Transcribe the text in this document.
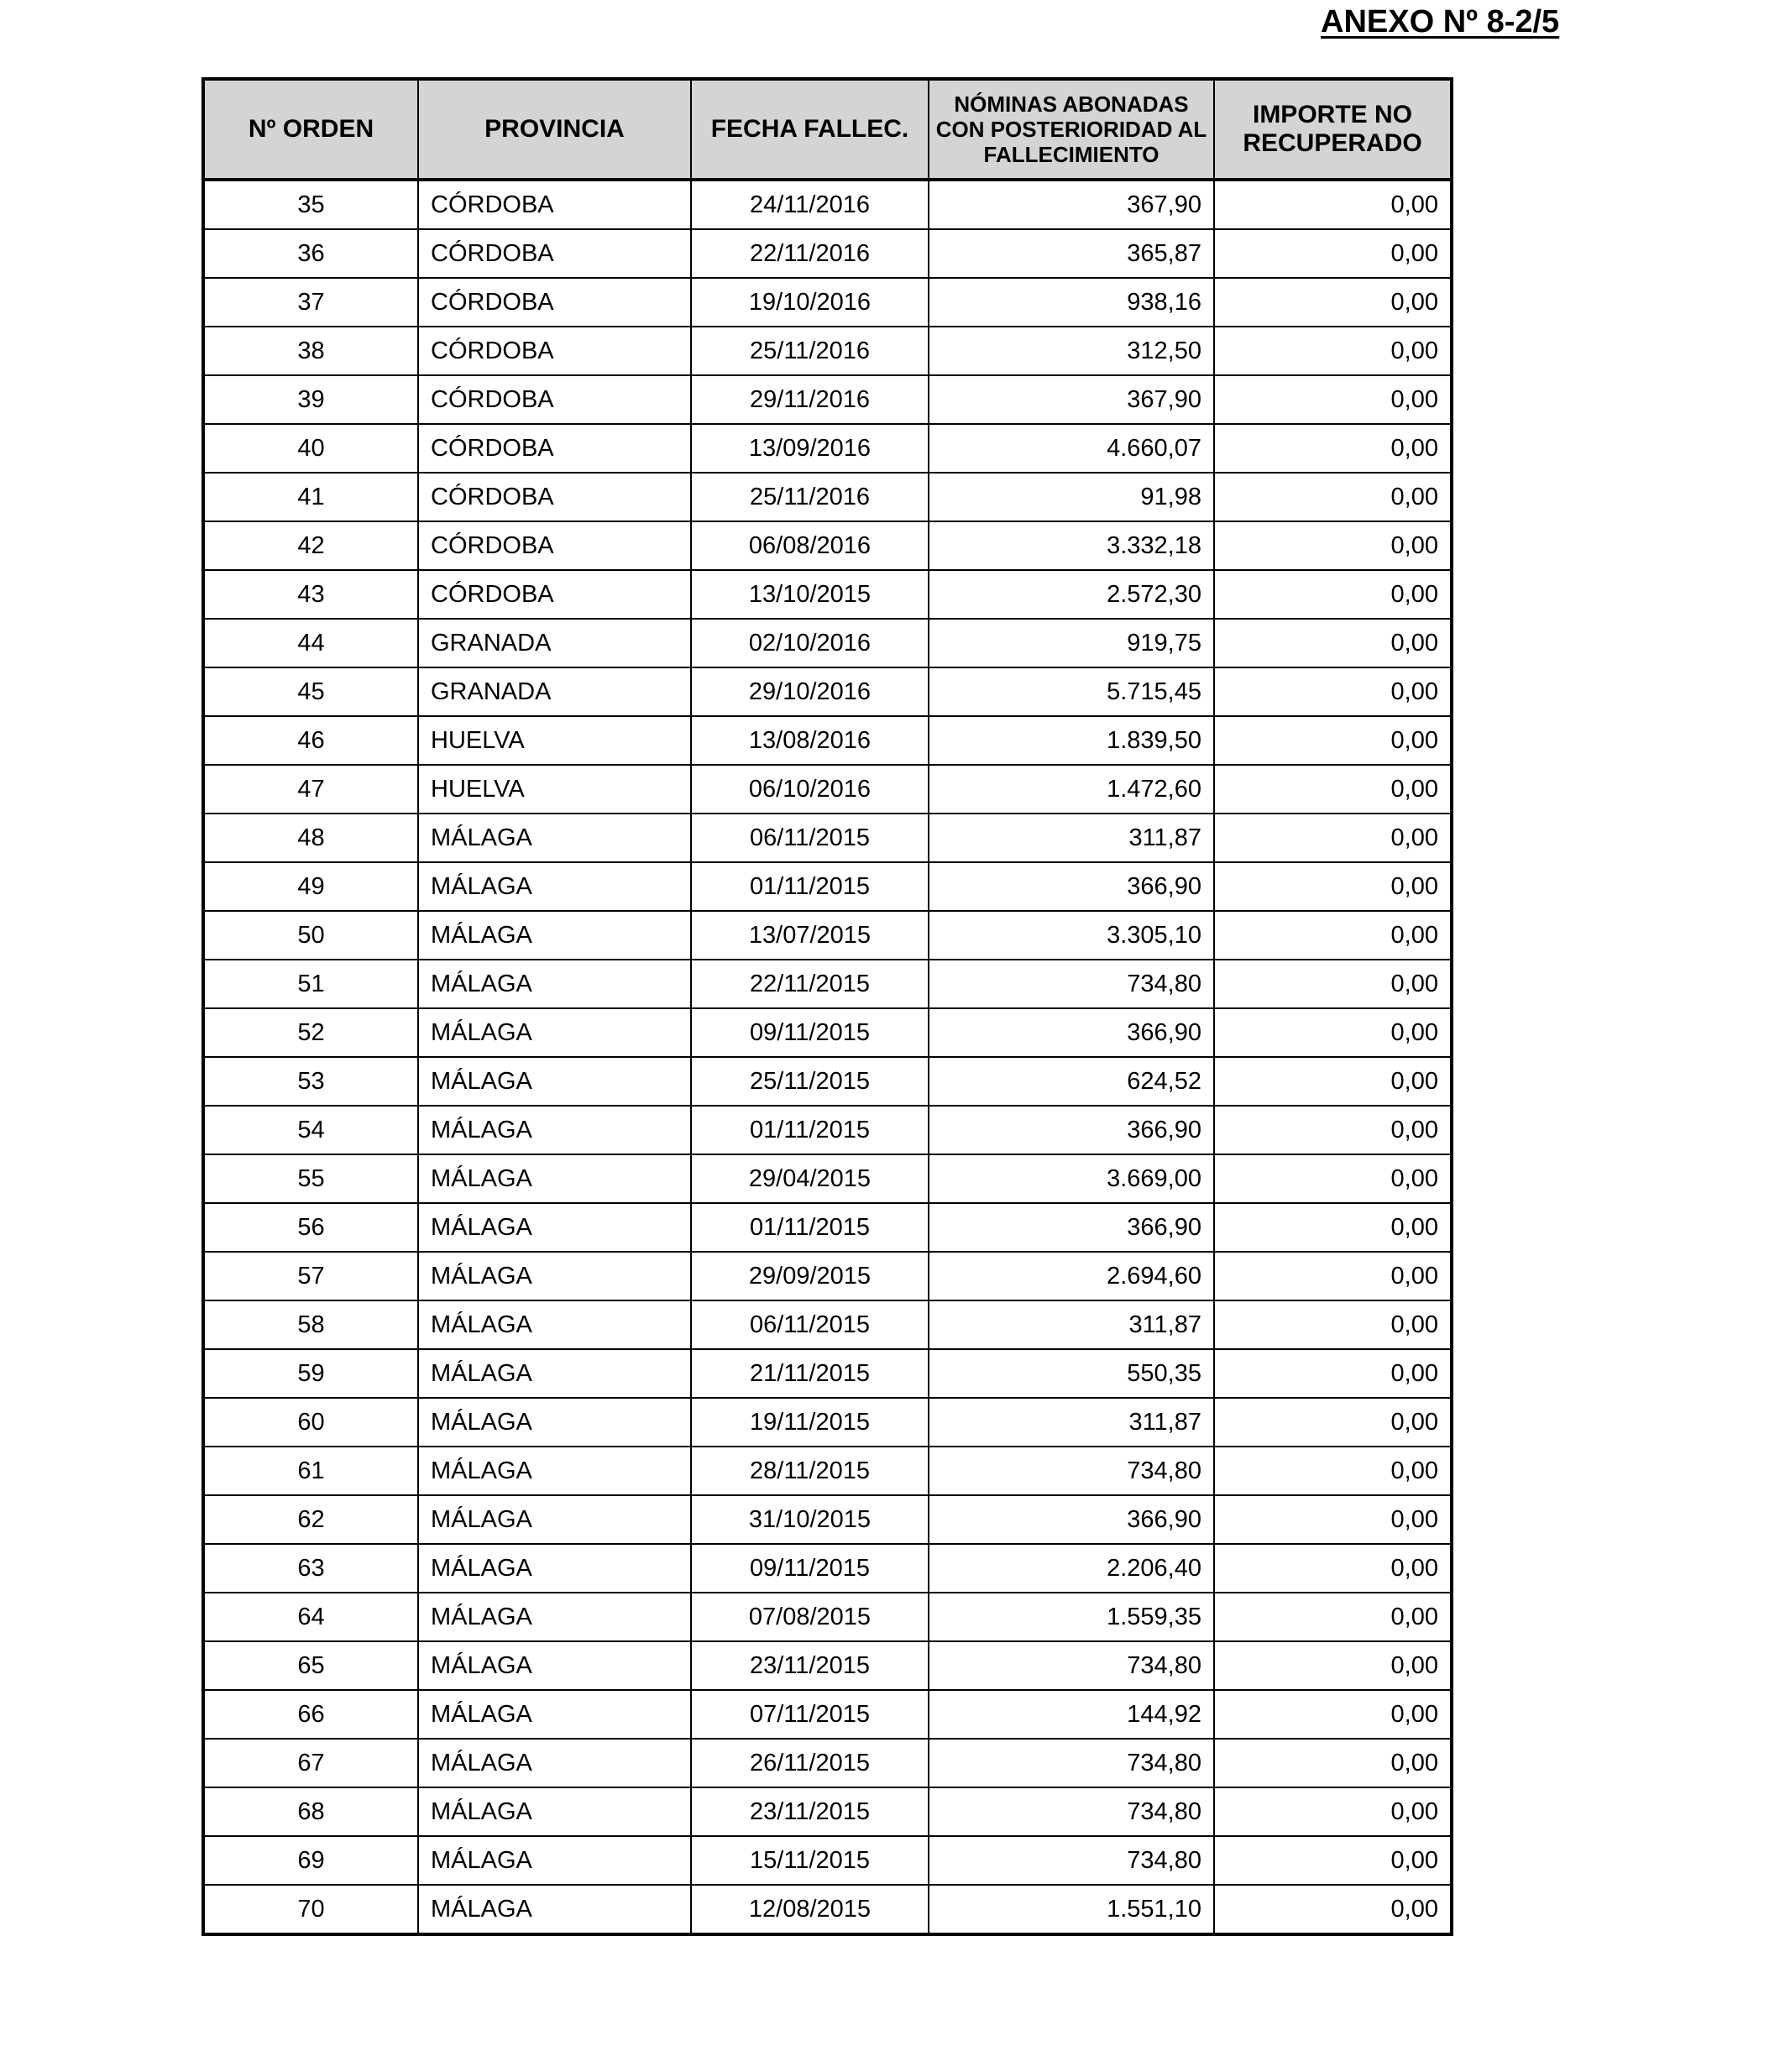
ANEXO Nº 8-2/5
Nº ORDEN	PROVINCIA	FECHA FALLEC.	NÓMINAS ABONADAS CON POSTERIORIDAD AL FALLECIMIENTO	IMPORTE NO RECUPERADO
35	CÓRDOBA	24/11/2016	367,90	0,00
36	CÓRDOBA	22/11/2016	365,87	0,00
37	CÓRDOBA	19/10/2016	938,16	0,00
38	CÓRDOBA	25/11/2016	312,50	0,00
39	CÓRDOBA	29/11/2016	367,90	0,00
40	CÓRDOBA	13/09/2016	4.660,07	0,00
41	CÓRDOBA	25/11/2016	91,98	0,00
42	CÓRDOBA	06/08/2016	3.332,18	0,00
43	CÓRDOBA	13/10/2015	2.572,30	0,00
44	GRANADA	02/10/2016	919,75	0,00
45	GRANADA	29/10/2016	5.715,45	0,00
46	HUELVA	13/08/2016	1.839,50	0,00
47	HUELVA	06/10/2016	1.472,60	0,00
48	MÁLAGA	06/11/2015	311,87	0,00
49	MÁLAGA	01/11/2015	366,90	0,00
50	MÁLAGA	13/07/2015	3.305,10	0,00
51	MÁLAGA	22/11/2015	734,80	0,00
52	MÁLAGA	09/11/2015	366,90	0,00
53	MÁLAGA	25/11/2015	624,52	0,00
54	MÁLAGA	01/11/2015	366,90	0,00
55	MÁLAGA	29/04/2015	3.669,00	0,00
56	MÁLAGA	01/11/2015	366,90	0,00
57	MÁLAGA	29/09/2015	2.694,60	0,00
58	MÁLAGA	06/11/2015	311,87	0,00
59	MÁLAGA	21/11/2015	550,35	0,00
60	MÁLAGA	19/11/2015	311,87	0,00
61	MÁLAGA	28/11/2015	734,80	0,00
62	MÁLAGA	31/10/2015	366,90	0,00
63	MÁLAGA	09/11/2015	2.206,40	0,00
64	MÁLAGA	07/08/2015	1.559,35	0,00
65	MÁLAGA	23/11/2015	734,80	0,00
66	MÁLAGA	07/11/2015	144,92	0,00
67	MÁLAGA	26/11/2015	734,80	0,00
68	MÁLAGA	23/11/2015	734,80	0,00
69	MÁLAGA	15/11/2015	734,80	0,00
70	MÁLAGA	12/08/2015	1.551,10	0,00
